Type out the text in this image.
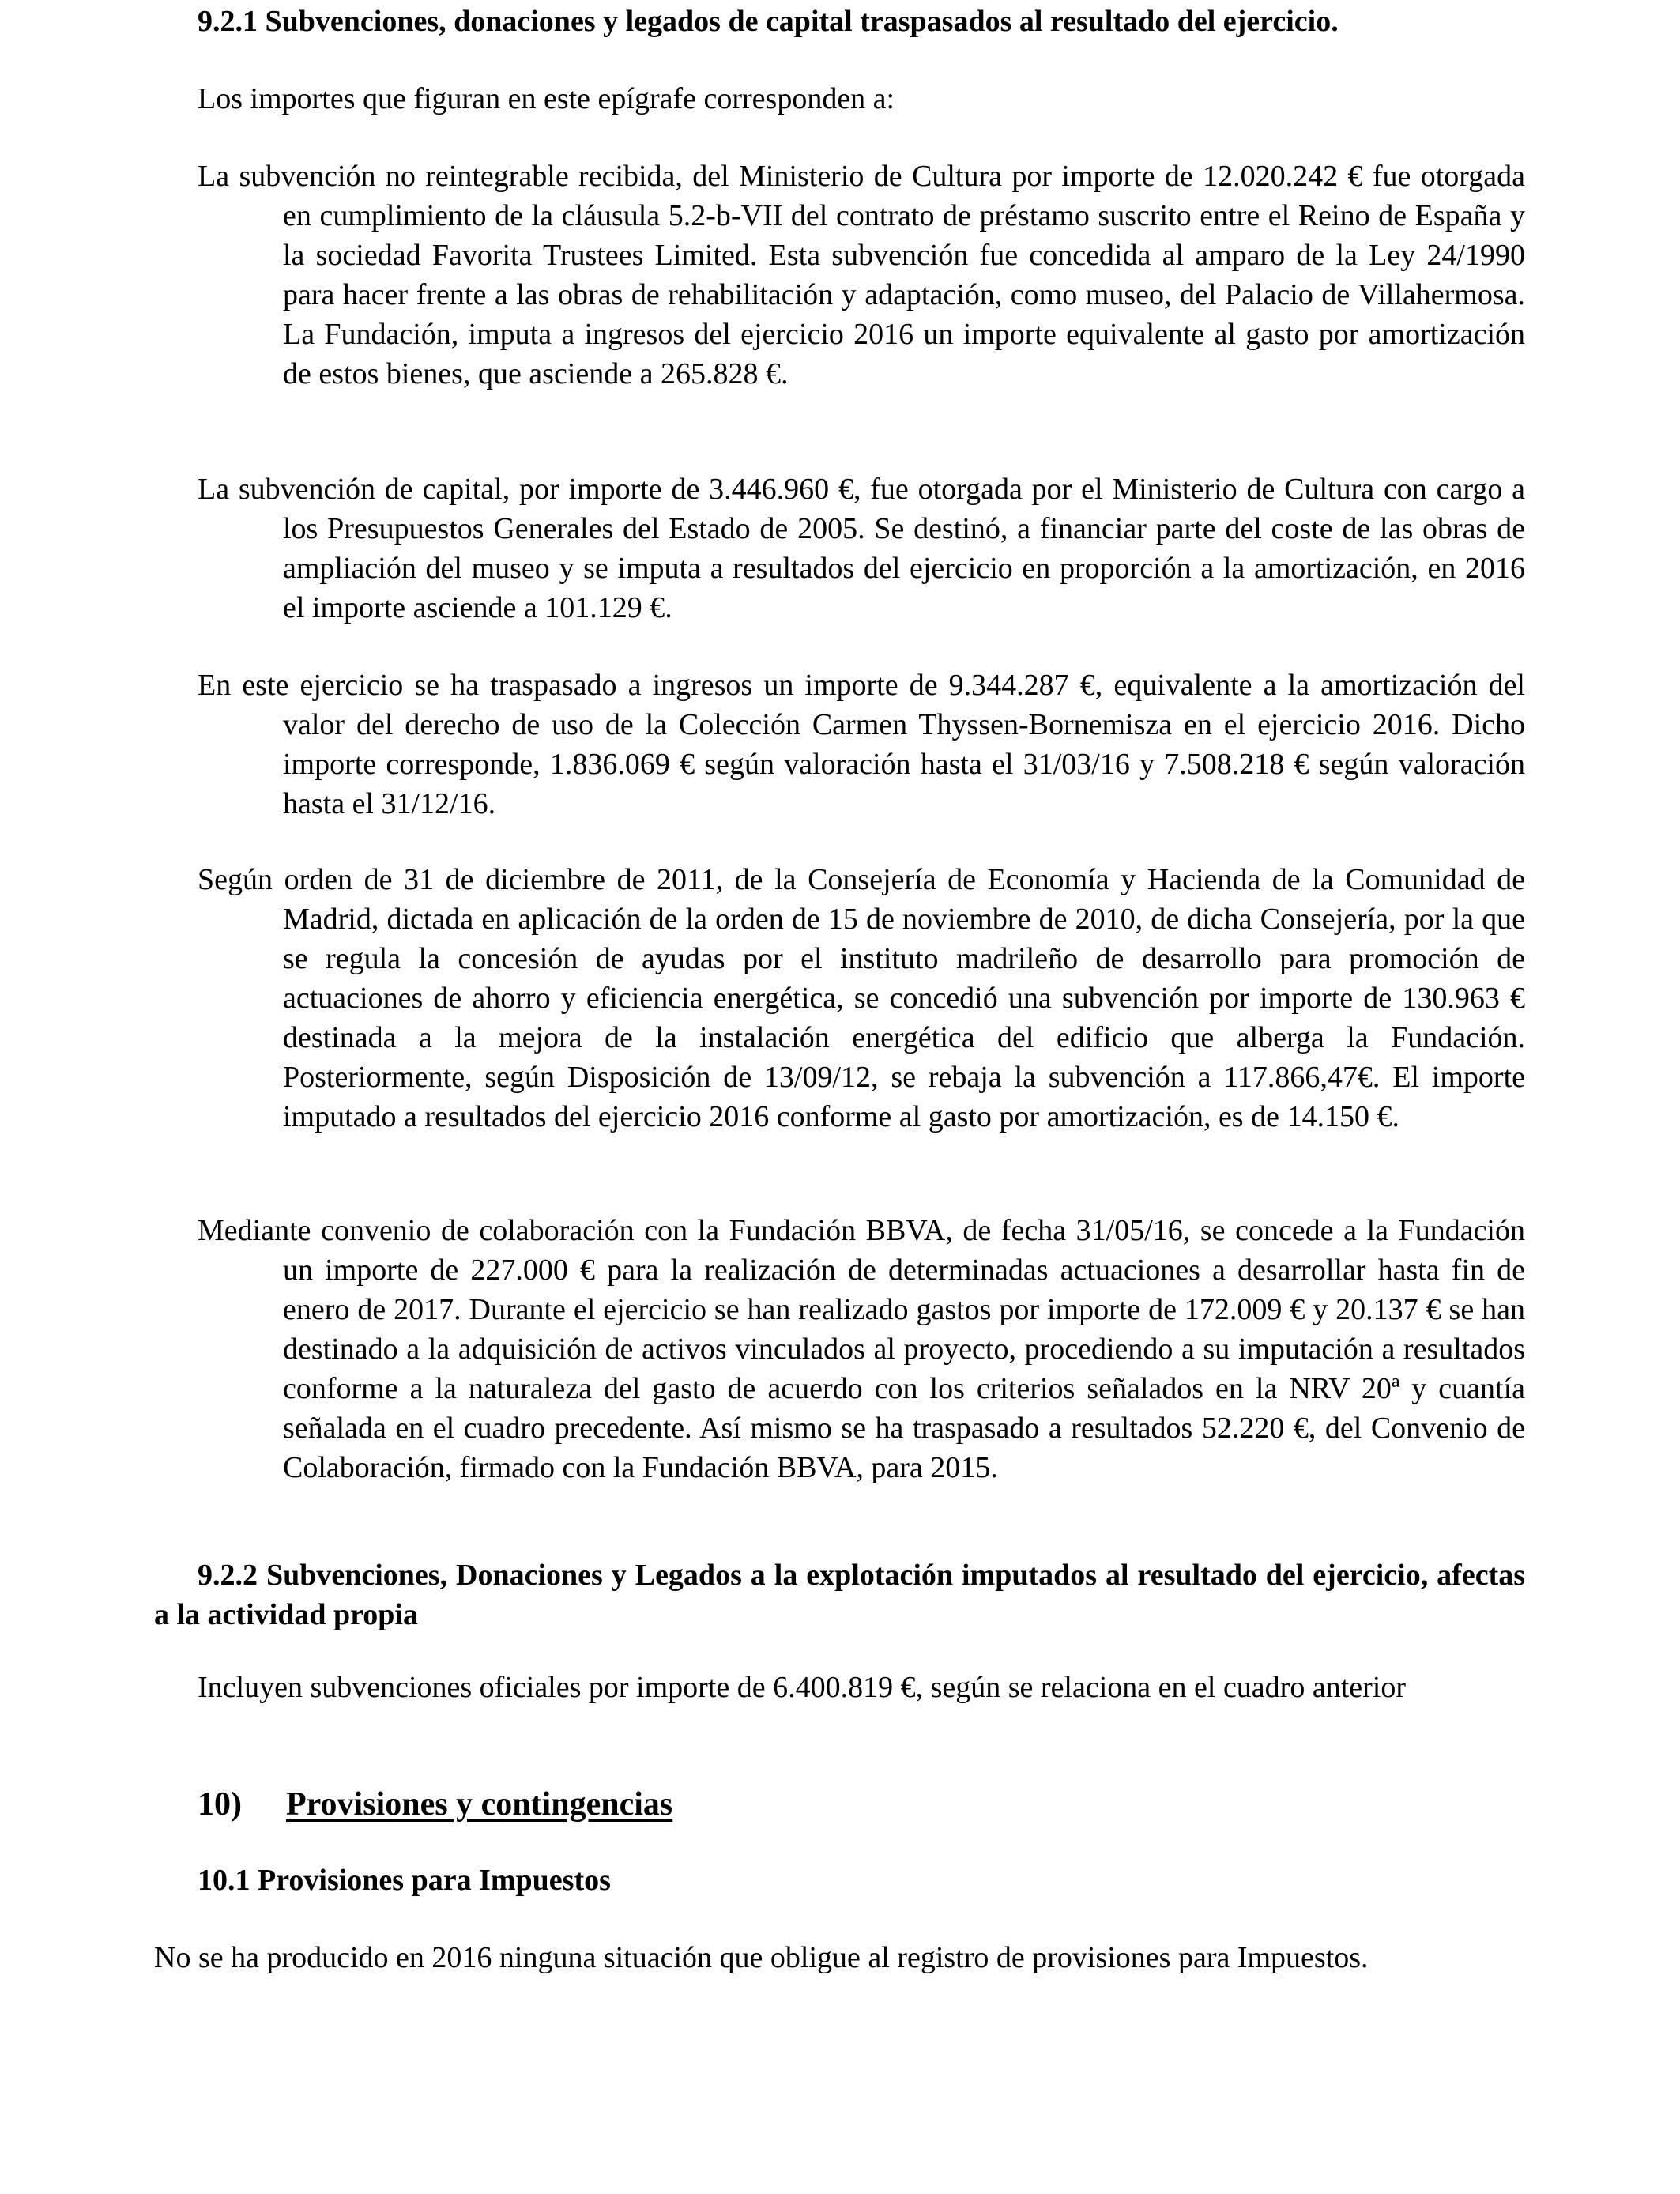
9.2.1 Subvenciones, donaciones y legados de capital traspasados al resultado del ejercicio.

Los importes que figuran en este epígrafe corresponden a:

La subvención no reintegrable recibida, del Ministerio de Cultura por importe de 12.020.242 € fue otorgada en cumplimiento de la cláusula 5.2-b-VII del contrato de préstamo suscrito entre el Reino de España y la sociedad Favorita Trustees Limited. Esta subvención fue concedida al amparo de la Ley 24/1990 para hacer frente a las obras de rehabilitación y adaptación, como museo, del Palacio de Villahermosa. La Fundación, imputa a ingresos del ejercicio 2016 un importe equivalente al gasto por amortización de estos bienes, que asciende a 265.828 €.

La subvención de capital, por importe de 3.446.960 €, fue otorgada por el Ministerio de Cultura con cargo a los Presupuestos Generales del Estado de 2005. Se destinó, a financiar parte del coste de las obras de ampliación del museo y se imputa a resultados del ejercicio en proporción a la amortización, en 2016 el importe asciende a 101.129 €.

En este ejercicio se ha traspasado a ingresos un importe de 9.344.287 €, equivalente a la amortización del valor del derecho de uso de la Colección Carmen Thyssen-Bornemisza en el ejercicio 2016. Dicho importe corresponde, 1.836.069 € según valoración hasta el 31/03/16 y 7.508.218 € según valoración hasta el 31/12/16.

Según orden de 31 de diciembre de 2011, de la Consejería de Economía y Hacienda de la Comunidad de Madrid, dictada en aplicación de la orden de 15 de noviembre de 2010, de dicha Consejería, por la que se regula la concesión de ayudas por el instituto madrileño de desarrollo para promoción de actuaciones de ahorro y eficiencia energética, se concedió una subvención por importe de 130.963 € destinada a la mejora de la instalación energética del edificio que alberga la Fundación. Posteriormente, según Disposición de 13/09/12, se rebaja la subvención a 117.866,47€. El importe imputado a resultados del ejercicio 2016 conforme al gasto por amortización, es de 14.150 €.

Mediante convenio de colaboración con la Fundación BBVA, de fecha 31/05/16, se concede a la Fundación un importe de 227.000 € para la realización de determinadas actuaciones a desarrollar hasta fin de enero de 2017. Durante el ejercicio se han realizado gastos por importe de 172.009 € y 20.137 € se han destinado a la adquisición de activos vinculados al proyecto, procediendo a su imputación a resultados conforme a la naturaleza del gasto de acuerdo con los criterios señalados en la NRV 20ª y cuantía señalada en el cuadro precedente. Así mismo se ha traspasado a resultados 52.220 €, del Convenio de Colaboración, firmado con la Fundación BBVA, para 2015.

9.2.2 Subvenciones, Donaciones y Legados a la explotación imputados al resultado del ejercicio, afectas a la actividad propia

Incluyen subvenciones oficiales por importe de 6.400.819 €, según se relaciona en el cuadro anterior

10) Provisiones y contingencias

10.1 Provisiones para Impuestos

No se ha producido en 2016 ninguna situación que obligue al registro de provisiones para Impuestos.
